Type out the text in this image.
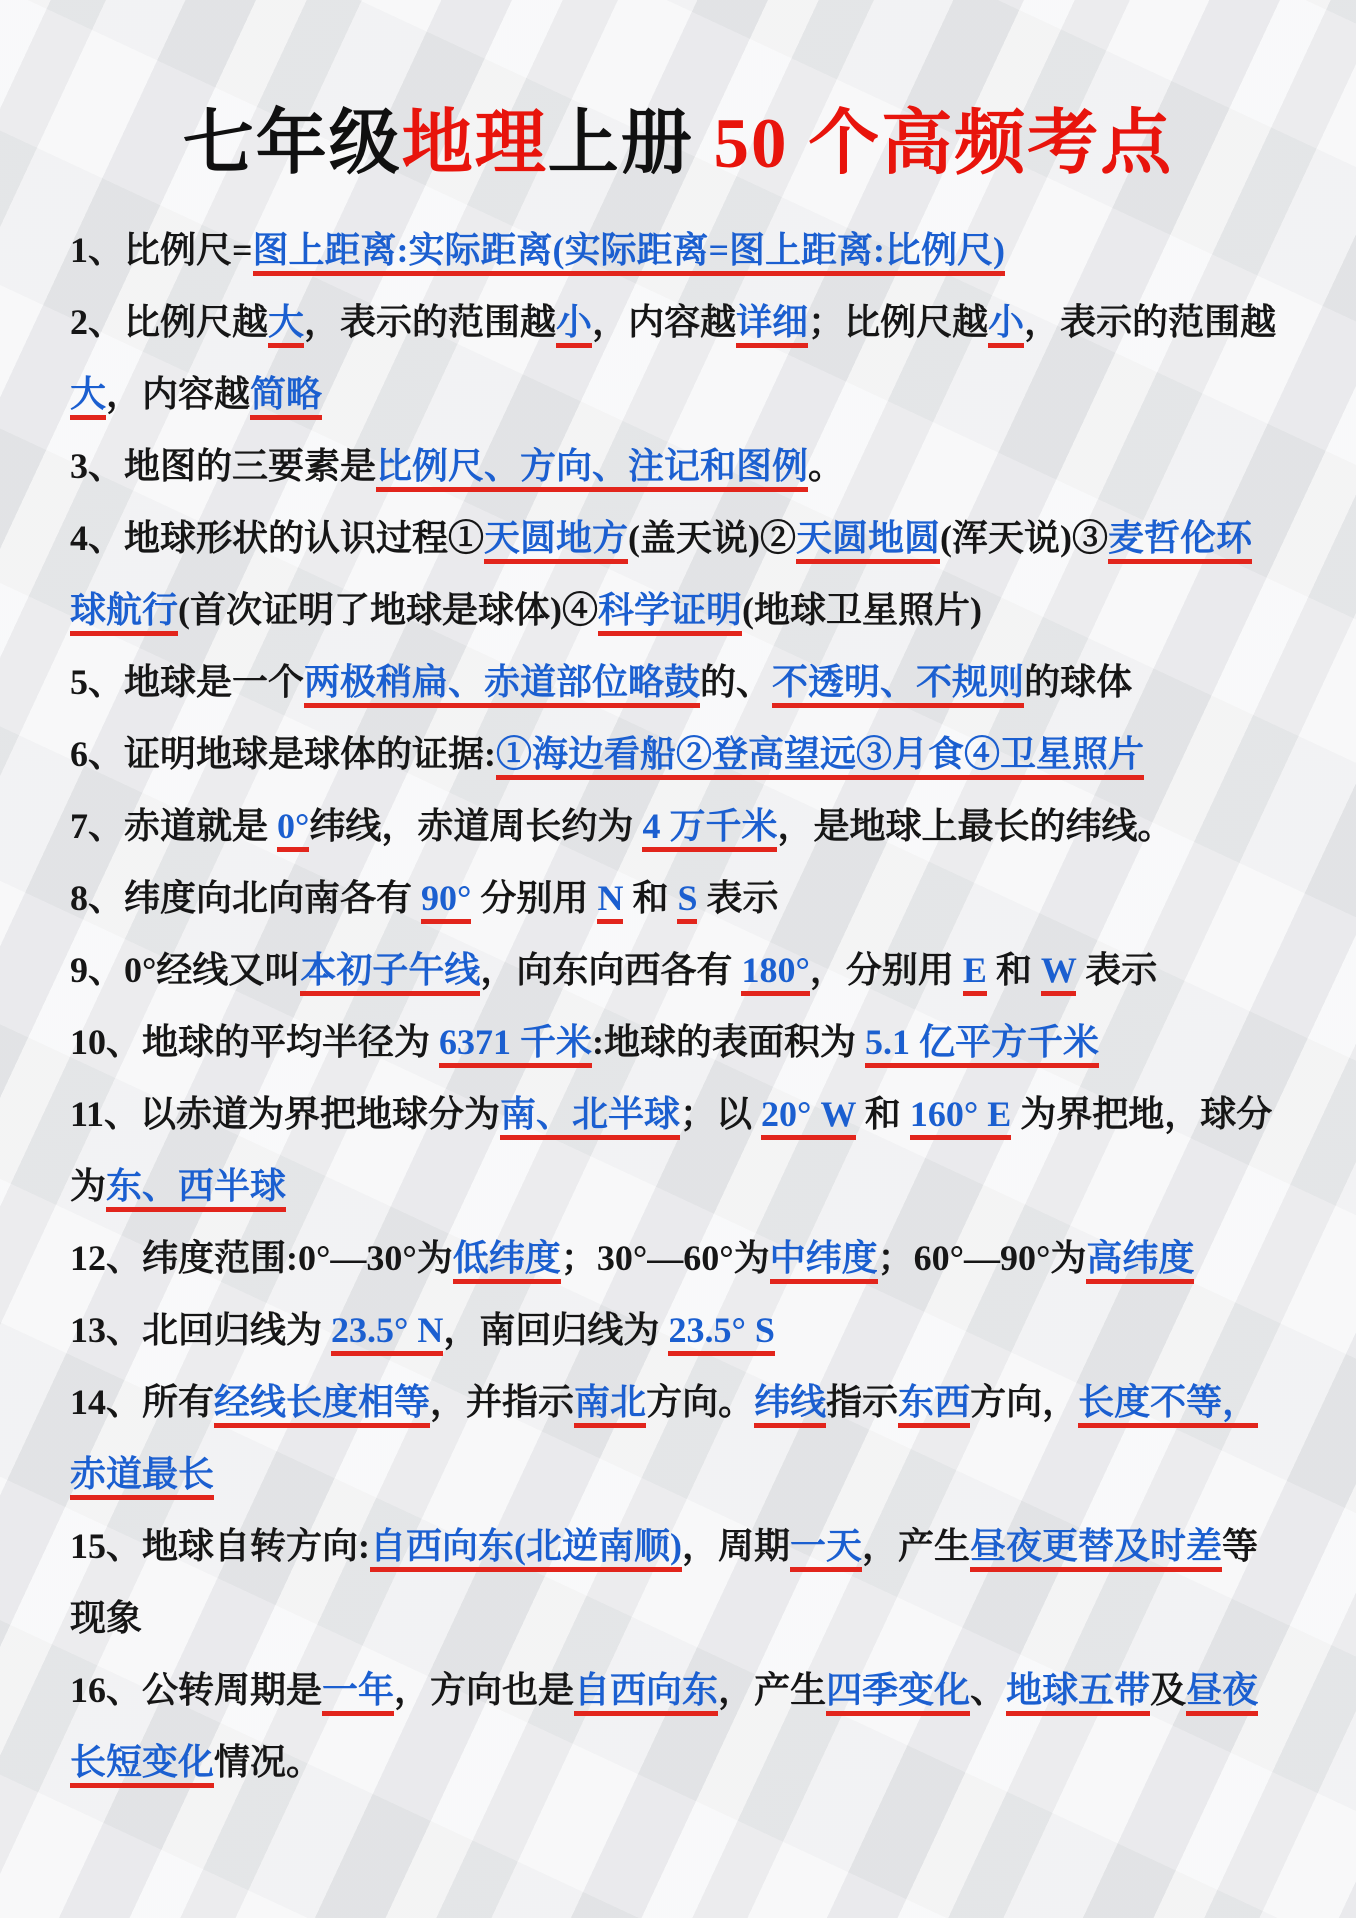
七年级地理上册 50 个高频考点

1、比例尺=图上距离:实际距离(实际距离=图上距离:比例尺)

2、比例尺越大，表示的范围越小，内容越详细；比例尺越小，表示的范围越大，内容越简略

3、地图的三要素是比例尺、方向、注记和图例。

4、地球形状的认识过程①天圆地方(盖天说)②天圆地圆(浑天说)③麦哲伦环球航行(首次证明了地球是球体)④科学证明(地球卫星照片)

5、地球是一个两极稍扁、赤道部位略鼓的、不透明、不规则的球体

6、证明地球是球体的证据:①海边看船②登高望远③月食④卫星照片

7、赤道就是 0°纬线，赤道周长约为 4 万千米，是地球上最长的纬线。

8、纬度向北向南各有 90° 分别用 N 和 S 表示

9、0°经线又叫本初子午线，向东向西各有 180°，分别用 E 和 W 表示

10、地球的平均半径为 6371 千米:地球的表面积为 5.1 亿平方千米

11、以赤道为界把地球分为南、北半球；以 20° W 和 160° E 为界把地，球分为东、西半球

12、纬度范围:0°—30°为低纬度；30°—60°为中纬度；60°—90°为高纬度

13、北回归线为 23.5° N，南回归线为 23.5° S

14、所有经线长度相等，并指示南北方向。纬线指示东西方向，长度不等，赤道最长

15、地球自转方向:自西向东(北逆南顺)，周期一天，产生昼夜更替及时差等现象

16、公转周期是一年，方向也是自西向东，产生四季变化、地球五带及昼夜长短变化情况。
